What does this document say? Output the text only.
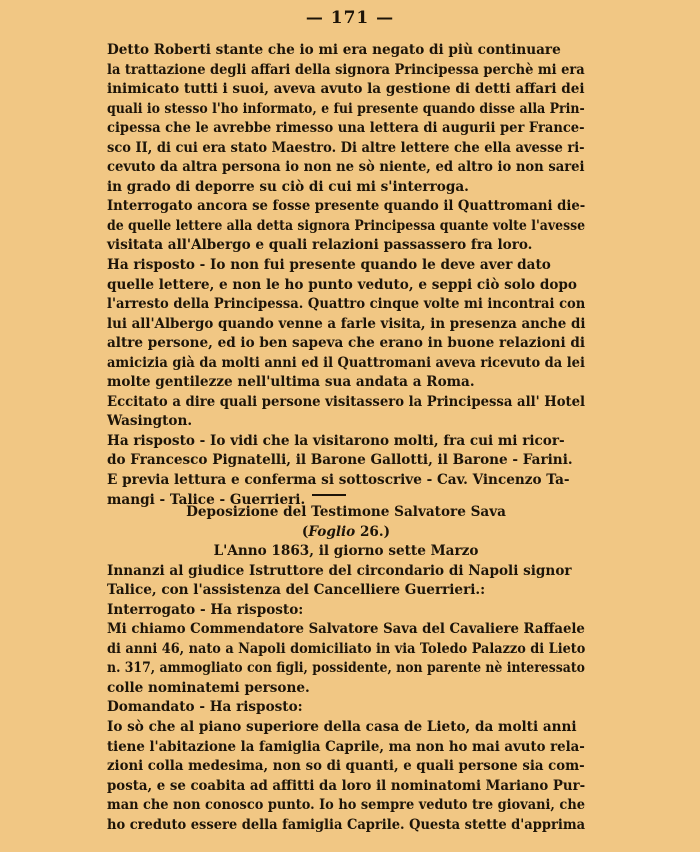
— 171 —
Detto Roberti stante che io mi era negato di più continuare
la trattazione degli affari della signora Principessa perchè mi era
inimicato tutti i suoi, aveva avuto la gestione di detti affari dei
quali io stesso l'ho informato, e fui presente quando disse alla Prin-
cipessa che le avrebbe rimesso una lettera di augurii per France-
sco II, di cui era stato Maestro. Di altre lettere che ella avesse ri-
cevuto da altra persona io non ne sò niente, ed altro io non sarei
in grado di deporre su ciò di cui mi s'interroga.
Interrogato ancora se fosse presente quando il Quattromani die-
de quelle lettere alla detta signora Principessa quante volte l'avesse
visitata all'Albergo e quali relazioni passassero fra loro.
Ha risposto - Io non fui presente quando le deve aver dato
quelle lettere, e non le ho punto veduto, e seppi ciò solo dopo
l'arresto della Principessa. Quattro cinque volte mi incontrai con
lui all'Albergo quando venne a farle visita, in presenza anche di
altre persone, ed io ben sapeva che erano in buone relazioni di
amicizia già da molti anni ed il Quattromani aveva ricevuto da lei
molte gentilezze nell'ultima sua andata a Roma.
Eccitato a dire quali persone visitassero la Principessa all' Hotel
Wasington.
Ha risposto - Io vidi che la visitarono molti, fra cui mi ricor-
do Francesco Pignatelli, il Barone Gallotti, il Barone - Farini.
E previa lettura e conferma si sottoscrive - Cav. Vincenzo Ta-
mangi - Talice - Guerrieri.
Deposizione del Testimone Salvatore Sava
(Foglio 26.)
L'Anno 1863, il giorno sette Marzo
Innanzi al giudice Istruttore del circondario di Napoli signor
Talice, con l'assistenza del Cancelliere Guerrieri.:
Interrogato - Ha risposto:
Mi chiamo Commendatore Salvatore Sava del Cavaliere Raffaele
di anni 46, nato a Napoli domiciliato in via Toledo Palazzo di Lieto
n. 317, ammogliato con figli, possidente, non parente nè interessato
colle nominatemi persone.
Domandato - Ha risposto:
Io sò che al piano superiore della casa de Lieto, da molti anni
tiene l'abitazione la famiglia Caprile, ma non ho mai avuto rela-
zioni colla medesima, non so di quanti, e quali persone sia com-
posta, e se coabita ad affitti da loro il nominatomi Mariano Pur-
man che non conosco punto. Io ho sempre veduto tre giovani, che
ho creduto essere della famiglia Caprile. Questa stette d'apprima
